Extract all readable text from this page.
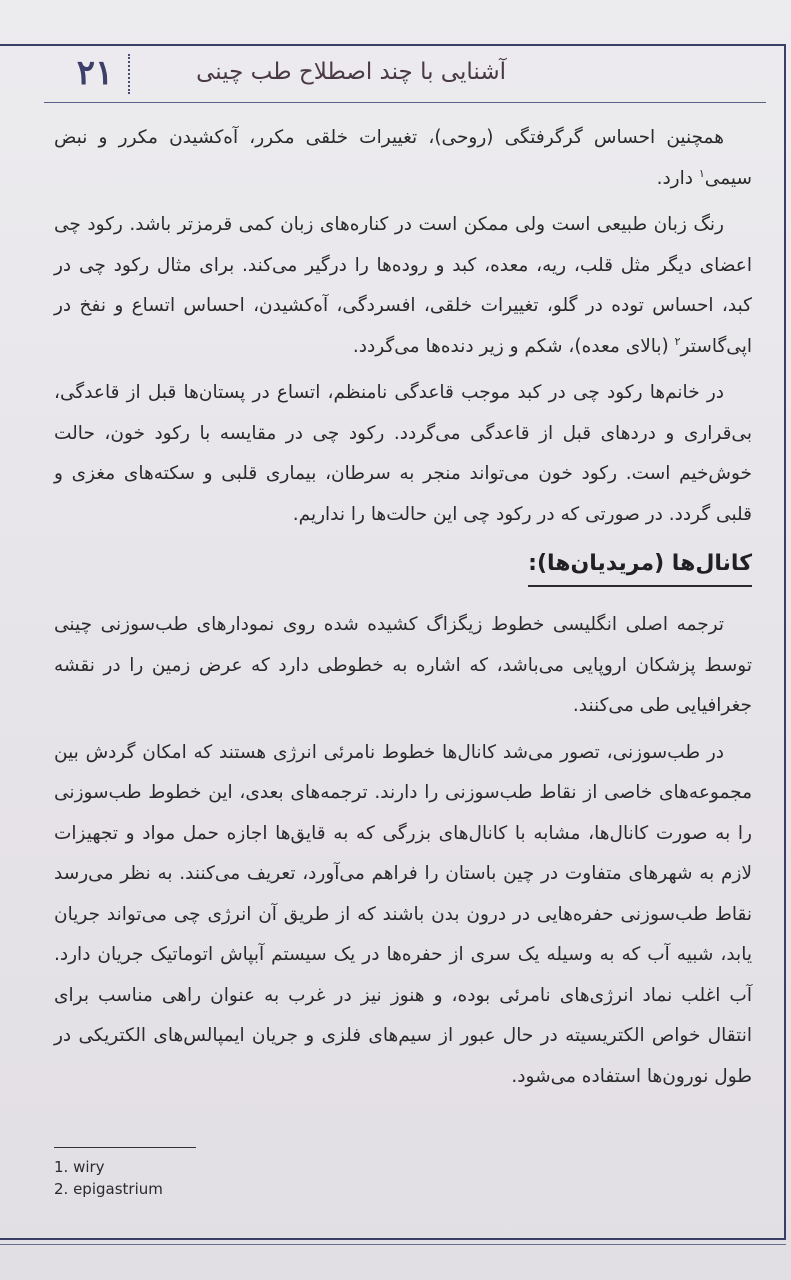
۲۱	آشنایی با چند اصطلاح طب چینی

همچنین احساس گرگرفتگی (روحی)، تغییرات خلقی مکرر، آه‌کشیدن مکرر و نبض سیمی$^۱$ دارد.

رنگ زبان طبیعی است ولی ممکن است در کناره‌های زبان کمی قرمزتر باشد. رکود چی اعضای دیگر مثل قلب، ریه، معده، کبد و روده‌ها را درگیر می‌کند. برای مثال رکود چی در کبد، احساس توده در گلو، تغییرات خلقی، افسردگی، آه‌کشیدن، احساس اتساع و نفخ در اپی‌گاستر$^۲$ (بالای معده)، شکم و زیر دنده‌ها می‌گردد.

در خانم‌ها رکود چی در کبد موجب قاعدگی نامنظم، اتساع در پستان‌ها قبل از قاعدگی، بی‌قراری و دردهای قبل از قاعدگی می‌گردد. رکود چی در مقایسه با رکود خون، حالت خوش‌خیم است. رکود خون می‌تواند منجر به سرطان، بیماری قلبی و سکته‌های مغزی و قلبی گردد. در صورتی که در رکود چی این حالت‌ها را نداریم.

کانال‌ها (مریدیان‌ها):

ترجمه اصلی انگلیسی خطوط زیگزاگ کشیده شده روی نمودارهای طب‌سوزنی چینی توسط پزشکان اروپایی می‌باشد، که اشاره به خطوطی دارد که عرض زمین را در نقشه جغرافیایی طی می‌کنند.

در طب‌سوزنی، تصور می‌شد کانال‌ها خطوط نامرئی انرژی هستند که امکان گردش بین مجموعه‌های خاصی از نقاط طب‌سوزنی را دارند. ترجمه‌های بعدی، این خطوط طب‌سوزنی را به صورت کانال‌ها، مشابه با کانال‌های بزرگی که به قایق‌ها اجازه حمل مواد و تجهیزات لازم به شهرهای متفاوت در چین باستان را فراهم می‌آورد، تعریف می‌کنند. به نظر می‌رسد نقاط طب‌سوزنی حفره‌هایی در درون بدن باشند که از طریق آن انرژی چی می‌تواند جریان یابد، شبیه آب که به وسیله یک سری از حفره‌ها در یک سیستم آبپاش اتوماتیک جریان دارد. آب اغلب نماد انرژی‌های نامرئی بوده، و هنوز نیز در غرب به عنوان راهی مناسب برای انتقال خواص الکتریسیته در حال عبور از سیم‌های فلزی و جریان ایمپالس‌های الکتریکی در طول نورون‌ها استفاده می‌شود.

1. wiry
2. epigastrium
